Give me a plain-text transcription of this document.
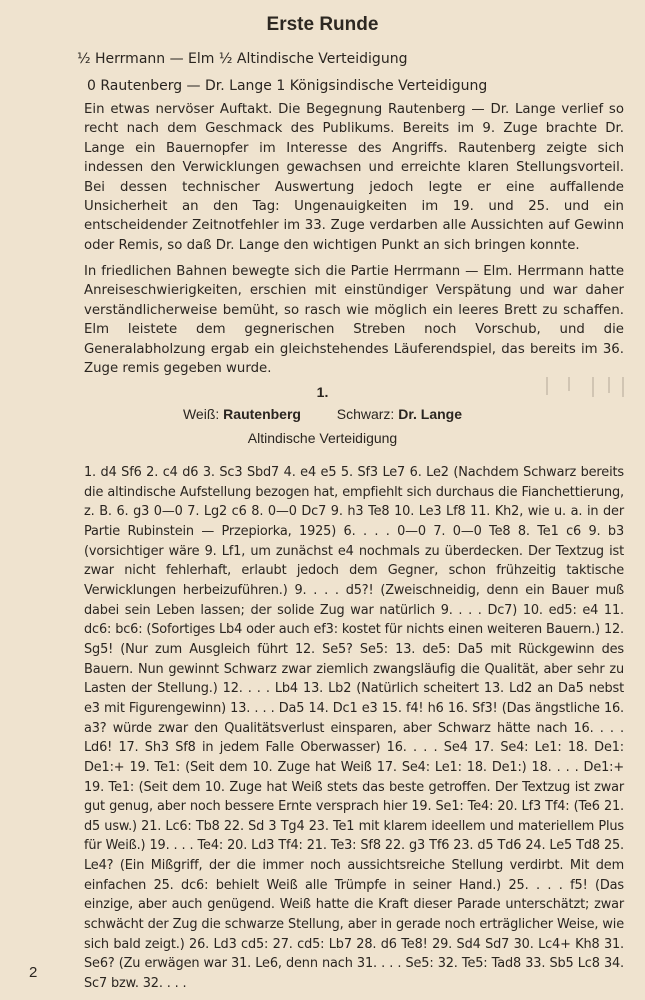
Erste Runde
½ Herrmann — Elm ½ Altindische Verteidigung
0 Rautenberg — Dr. Lange 1 Königsindische Verteidigung

Ein etwas nervöser Auftakt. Die Begegnung Rautenberg — Dr. Lange verlief so recht nach dem Geschmack des Publikums. Bereits im 9. Zuge brachte Dr. Lange ein Bauernopfer im Interesse des Angriffs. Rautenberg zeigte sich indessen den Verwicklungen gewachsen und erreichte klaren Stellungsvorteil. Bei dessen technischer Auswertung jedoch legte er eine auffallende Unsicherheit an den Tag: Ungenauigkeiten im 19. und 25. und ein entscheidender Zeitnotfehler im 33. Zuge verdarben alle Aussichten auf Gewinn oder Remis, so daß Dr. Lange den wichtigen Punkt an sich bringen konnte.

In friedlichen Bahnen bewegte sich die Partie Herrmann — Elm. Herrmann hatte Anreiseschwierigkeiten, erschien mit einstündiger Verspätung und war daher verständlicherweise bemüht, so rasch wie möglich ein leeres Brett zu schaffen. Elm leistete dem gegnerischen Streben noch Vorschub, und die Generalabholzung ergab ein gleichstehendes Läuferendspiel, das bereits im 36. Zuge remis gegeben wurde.

1.
Weiß: Rautenberg	Schwarz: Dr. Lange
Altindische Verteidigung

1. d4 Sf6 2. c4 d6 3. Sc3 Sbd7 4. e4 e5 5. Sf3 Le7 6. Le2 (Nachdem Schwarz bereits die altindische Aufstellung bezogen hat, empfiehlt sich durchaus die Fianchettierung, z. B. 6. g3 0—0 7. Lg2 c6 8. 0—0 Dc7 9. h3 Te8 10. Le3 Lf8 11. Kh2, wie u. a. in der Partie Rubinstein — Przepiorka, 1925) 6. . . . 0—0 7. 0—0 Te8 8. Te1 c6 9. b3 (vorsichtiger wäre 9. Lf1, um zunächst e4 nochmals zu überdecken. Der Textzug ist zwar nicht fehlerhaft, erlaubt jedoch dem Gegner, schon frühzeitig taktische Verwicklungen herbeizuführen.) 9. . . . d5?! (Zweischneidig, denn ein Bauer muß dabei sein Leben lassen; der solide Zug war natürlich 9. . . . Dc7) 10. ed5: e4 11. dc6: bc6: (Sofortiges Lb4 oder auch ef3: kostet für nichts einen weiteren Bauern.) 12. Sg5! (Nur zum Ausgleich führt 12. Se5? Se5: 13. de5: Da5 mit Rückgewinn des Bauern. Nun gewinnt Schwarz zwar ziemlich zwangsläufig die Qualität, aber sehr zu Lasten der Stellung.) 12. . . . Lb4 13. Lb2 (Natürlich scheitert 13. Ld2 an Da5 nebst e3 mit Figurengewinn) 13. . . . Da5 14. Dc1 e3 15. f4! h6 16. Sf3! (Das ängstliche 16. a3? würde zwar den Qualitätsverlust einsparen, aber Schwarz hätte nach 16. . . . Ld6! 17. Sh3 Sf8 in jedem Falle Oberwasser) 16. . . . Se4 17. Se4: Le1: 18. De1: De1:+ 19. Te1: (Seit dem 10. Zuge hat Weiß 17. Se4: Le1: 18. De1:) 18. . . . De1:+ 19. Te1: (Seit dem 10. Zuge hat Weiß stets das beste getroffen. Der Textzug ist zwar gut genug, aber noch bessere Ernte versprach hier 19. Se1: Te4: 20. Lf3 Tf4: (Te6 21. d5 usw.) 21. Lc6: Tb8 22. Sd 3 Tg4 23. Te1 mit klarem ideellem und materiellem Plus für Weiß.) 19. . . . Te4: 20. Ld3 Tf4: 21. Te3: Sf8 22. g3 Tf6 23. d5 Td6 24. Le5 Td8 25. Le4? (Ein Mißgriff, der die immer noch aussichtsreiche Stellung verdirbt. Mit dem einfachen 25. dc6: behielt Weiß alle Trümpfe in seiner Hand.) 25. . . . f5! (Das einzige, aber auch genügend. Weiß hatte die Kraft dieser Parade unterschätzt; zwar schwächt der Zug die schwarze Stellung, aber in gerade noch erträglicher Weise, wie sich bald zeigt.) 26. Ld3 cd5: 27. cd5: Lb7 28. d6 Te8! 29. Sd4 Sd7 30. Lc4+ Kh8 31. Se6? (Zu erwägen war 31. Le6, denn nach 31. . . . Se5: 32. Te5: Tad8 33. Sb5 Lc8 34. Sc7 bzw. 32. . . .

2
